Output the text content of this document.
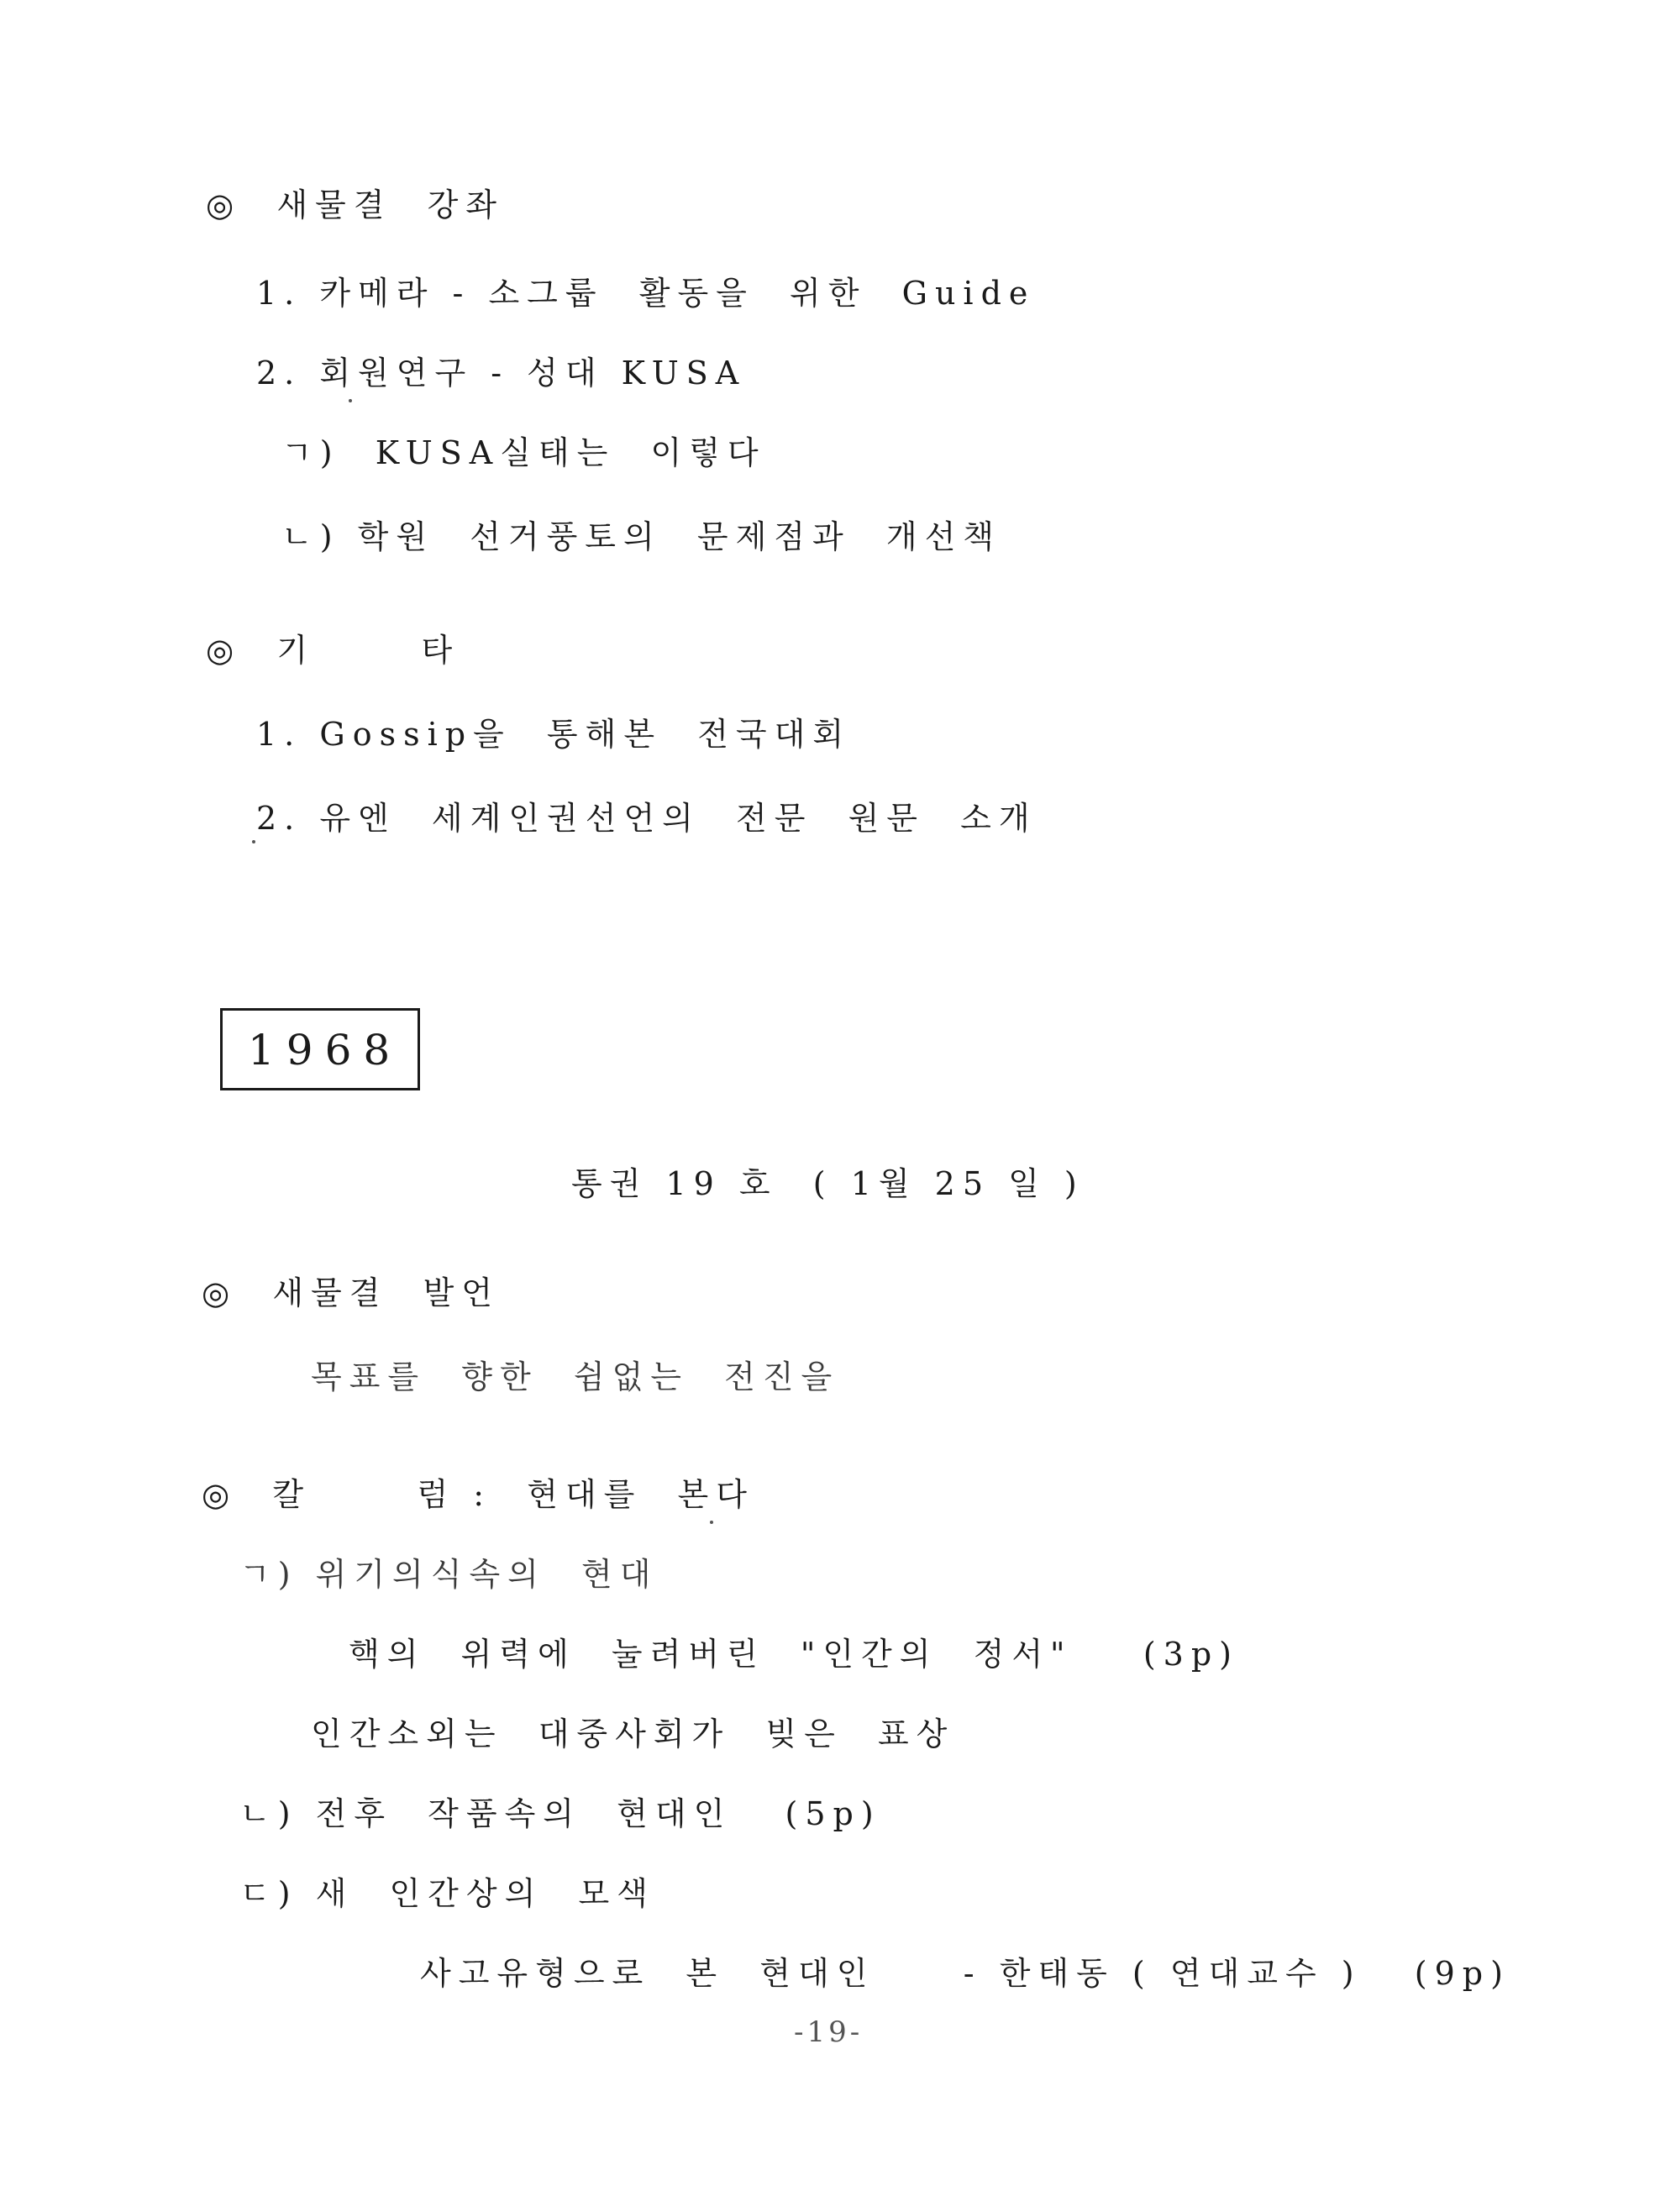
◎  새물결  강좌
1. 카메라 - 소그룹  활동을  위한  Guide
2. 회원연구 - 성대 KUSA
ㄱ)  KUSA실태는  이렇다
ㄴ) 학원  선거풍토의  문제점과  개선책
◎  기      타
1. Gossip을  통해본  전국대회
2. 유엔  세계인권선언의  전문  원문  소개
1968
통권 19 호  ( 1월 25 일 )
◎  새물결  발언
목표를  향한  쉼없는  전진을
◎  칼      럼 :  현대를  본다
ㄱ) 위기의식속의  현대
핵의  위력에  눌려버린  "인간의  정서"    (3p)
인간소외는  대중사회가  빚은  표상
ㄴ) 전후  작품속의  현대인   (5p)
ㄷ) 새  인간상의  모색
사고유형으로  본  현대인     - 한태동 ( 연대교수 )   (9p)
-19-
